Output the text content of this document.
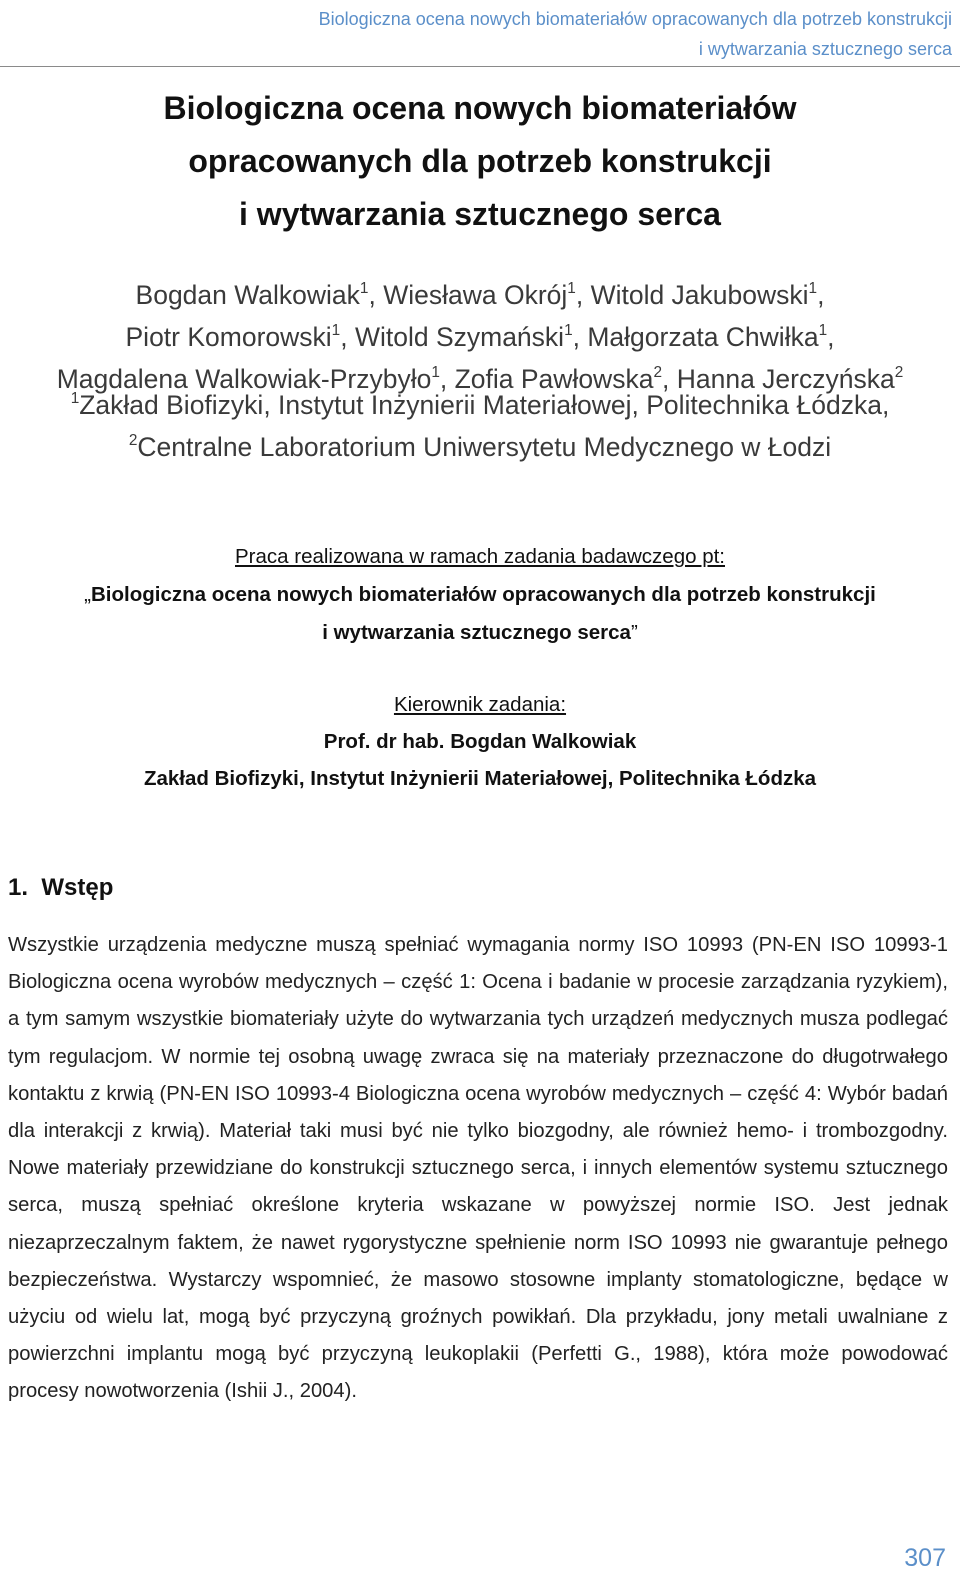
Biologiczna ocena nowych biomateriałów opracowanych dla potrzeb konstrukcji
i wytwarzania sztucznego serca
Biologiczna ocena nowych biomateriałów
opracowanych dla potrzeb konstrukcji
i wytwarzania sztucznego serca
Bogdan Walkowiak$^1$, Wiesława Okrój$^1$, Witold Jakubowski$^1$,
Piotr Komorowski$^1$, Witold Szymański$^1$, Małgorzata Chwiłka$^1$,
Magdalena Walkowiak-Przybyło$^1$, Zofia Pawłowska$^2$, Hanna Jerczyńska$^2$
$^1$Zakład Biofizyki, Instytut Inżynierii Materiałowej, Politechnika Łódzka,
$^2$Centralne Laboratorium Uniwersytetu Medycznego w Łodzi
Praca realizowana w ramach zadania badawczego pt:
„Biologiczna ocena nowych biomateriałów opracowanych dla potrzeb konstrukcji
i wytwarzania sztucznego serca”
Kierownik zadania:
Prof. dr hab. Bogdan Walkowiak
Zakład Biofizyki, Instytut Inżynierii Materiałowej, Politechnika Łódzka
1. Wstęp

Wszystkie urządzenia medyczne muszą spełniać wymagania normy ISO 10993 (PN-EN ISO 10993-1 Biologiczna ocena wyrobów medycznych – część 1: Ocena i badanie w procesie zarządzania ryzykiem), a tym samym wszystkie biomateriały użyte do wytwarzania tych urządzeń medycznych musza podlegać tym regulacjom. W normie tej osobną uwagę zwraca się na materiały przeznaczone do długotrwałego kontaktu z krwią (PN-EN ISO 10993-4 Biologiczna ocena wyrobów medycznych – część 4: Wybór badań dla interakcji z krwią). Materiał taki musi być nie tylko biozgodny, ale również hemo- i trombozgodny. Nowe materiały przewidziane do konstrukcji sztucznego serca, i innych elementów systemu sztucznego serca, muszą spełniać określone kryteria wskazane w powyższej normie ISO. Jest jednak niezaprzeczalnym faktem, że nawet rygorystyczne spełnienie norm ISO 10993 nie gwarantuje pełnego bezpieczeństwa. Wystarczy wspomnieć, że masowo stosowne implanty stomatologiczne, będące w użyciu od wielu lat, mogą być przyczyną groźnych powikłań. Dla przykładu, jony metali uwalniane z powierzchni implantu mogą być przyczyną leukoplakii (Perfetti G., 1988), która może powodować procesy nowotworzenia (Ishii J., 2004).

307
